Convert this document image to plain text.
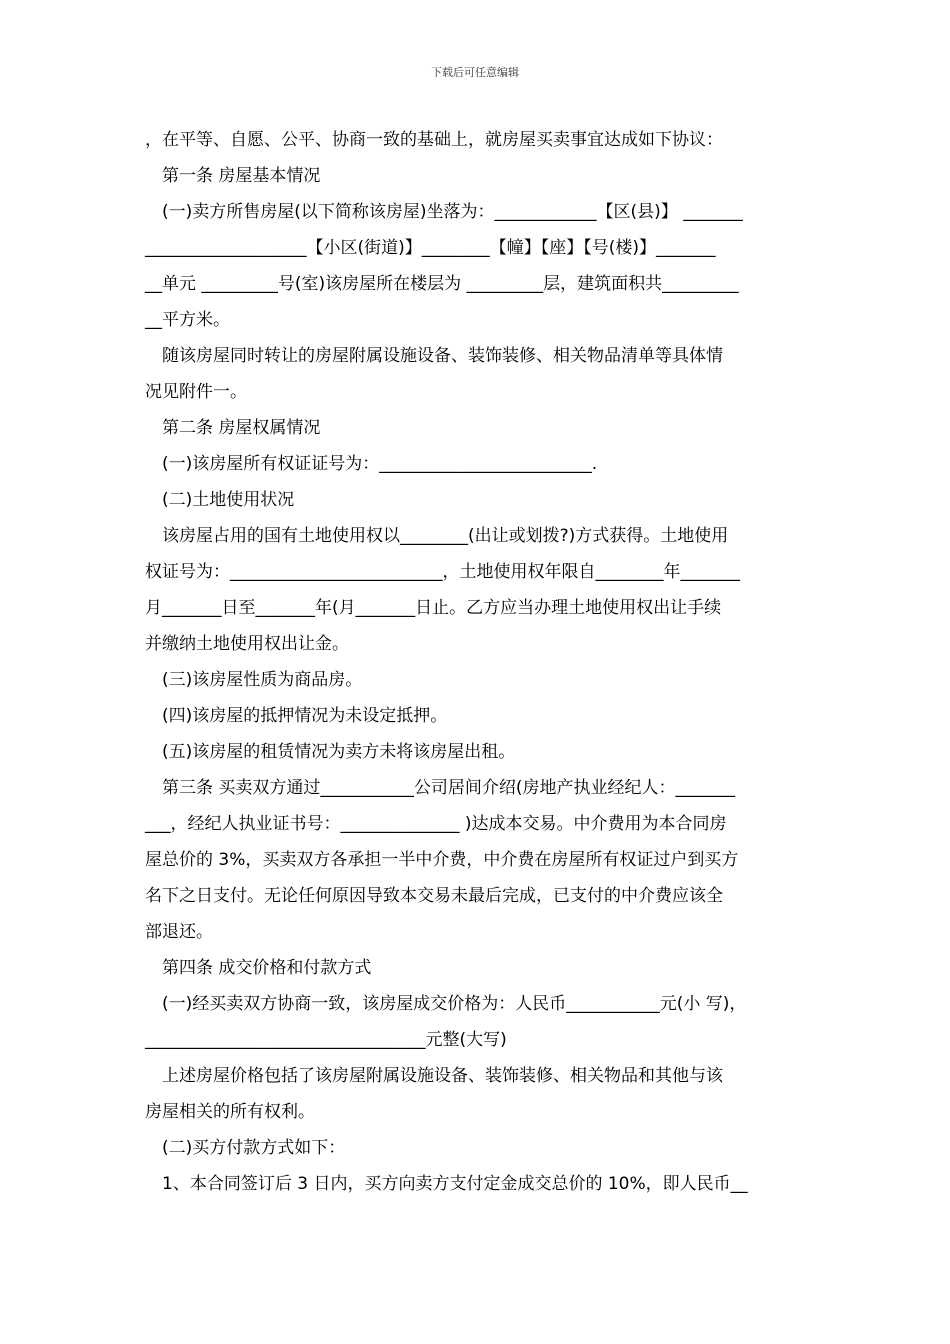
下载后可任意编辑
，在平等、自愿、公平、协商一致的基础上，就房屋买卖事宜达成如下协议：
第一条 房屋基本情况
(一)卖方所售房屋(以下简称该房屋)坐落为：____________【区(县)】 _______
___________________【小区(街道)】________【幢】【座】【号(楼)】_______
__单元 _________号(室)该房屋所在楼层为 _________层，建筑面积共_________
__平方米。
随该房屋同时转让的房屋附属设施设备、装饰装修、相关物品清单等具体情
况见附件一。
第二条 房屋权属情况
(一)该房屋所有权证证号为：_________________________.
(二)土地使用状况
该房屋占用的国有土地使用权以________(出让或划拨?)方式获得。土地使用
权证号为：_________________________，土地使用权年限自________年_______
月_______日至_______年(月_______日止。乙方应当办理土地使用权出让手续
并缴纳土地使用权出让金。
(三)该房屋性质为商品房。
(四)该房屋的抵押情况为未设定抵押。
(五)该房屋的租赁情况为卖方未将该房屋出租。
第三条 买卖双方通过___________公司居间介绍(房地产执业经纪人：_______
___，经纪人执业证书号：______________ )达成本交易。中介费用为本合同房
屋总价的 3%，买卖双方各承担一半中介费，中介费在房屋所有权证过户到买方
名下之日支付。无论任何原因导致本交易未最后完成，已支付的中介费应该全
部退还。
第四条 成交价格和付款方式
(一)经买卖双方协商一致，该房屋成交价格为：人民币___________元(小 写)，
_________________________________元整(大写)
上述房屋价格包括了该房屋附属设施设备、装饰装修、相关物品和其他与该
房屋相关的所有权利。
(二)买方付款方式如下：
1、本合同签订后 3 日内，买方向卖方支付定金成交总价的 10%，即人民币__
